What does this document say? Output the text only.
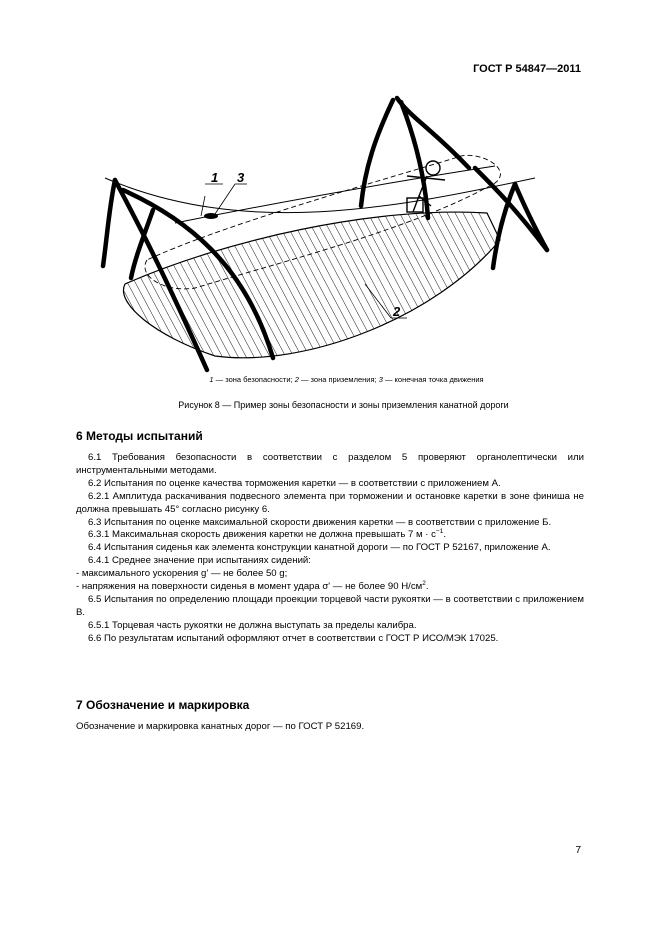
ГОСТ Р 54847—2011
1 3
2
1 — зона безопасности; 2 — зона приземления; 3 — конечная точка движения
Рисунок 8 — Пример зоны безопасности и зоны приземления канатной дороги
6 Методы испытаний

6.1 Требования безопасности в соответствии с разделом 5 проверяют органолептически или инструментальными методами.

6.2 Испытания по оценке качества торможения каретки — в соответствии с приложением А.

6.2.1 Амплитуда раскачивания подвесного элемента при торможении и остановке каретки в зоне финиша не должна превышать 45° согласно рисунку 6.

6.3 Испытания по оценке максимальной скорости движения каретки — в соответствии с приложение Б.

6.3.1 Максимальная скорость движения каретки не должна превышать 7 $м \cdot с^{-1}$.

6.4 Испытания сиденья как элемента конструкции канатной дороги — по ГОСТ Р 52167, приложение А.

6.4.1 Среднее значение при испытаниях сидений:

- максимального ускорения g' — не более 50 g;

- напряжения на поверхности сиденья в момент удара σ' — не более 90 $Н/см^2$.

6.5 Испытания по определению площади проекции торцевой части рукоятки — в соответствии с приложением В.

6.5.1 Торцевая часть рукоятки не должна выступать за пределы калибра.

6.6 По результатам испытаний оформляют отчет в соответствии с ГОСТ Р ИСО/МЭК 17025.

7 Обозначение и маркировка

Обозначение и маркировка канатных дорог — по ГОСТ Р 52169.

7
